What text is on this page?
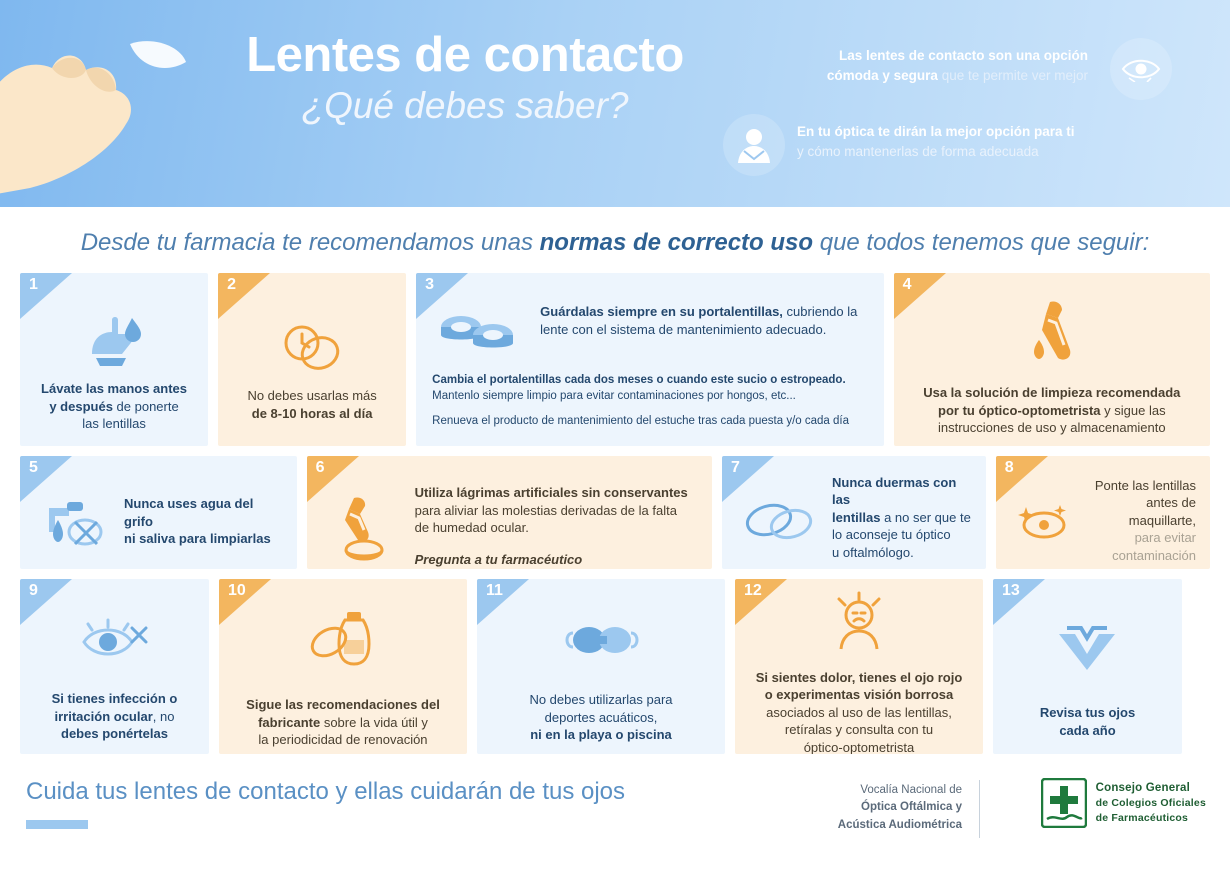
Lentes de contacto
¿Qué debes saber?
Las lentes de contacto son una opción
cómoda y segura que te permite ver mejor
En tu óptica te dirán la mejor opción para ti
y cómo mantenerlas de forma adecuada
Desde tu farmacia te recomendamos unas normas de correcto uso que todos tenemos que seguir:
1
Lávate las manos antes
y después de ponerte
las lentillas
2
No debes usarlas más
de 8-10 horas al día
3
Guárdalas siempre en su portalentillas, cubriendo la lente con el sistema de mantenimiento adecuado.
Cambia el portalentillas cada dos meses o cuando este sucio o estropeado.
Mantenlo siempre limpio para evitar contaminaciones por hongos, etc...
Renueva el producto de mantenimiento del estuche tras cada puesta y/o cada día
4
Usa la solución de limpieza recomendada
por tu óptico-optometrista y sigue las
instrucciones de uso y almacenamiento
5
Nunca uses agua del grifo
ni saliva para limpiarlas
6
Utiliza lágrimas artificiales sin conservantes
para aliviar las molestias derivadas de la falta
de humedad ocular.
Pregunta a tu farmacéutico
7
Nunca duermas con las
lentillas a no ser que te
lo aconseje tu óptico
u oftalmólogo.
8
Ponte las lentillas
antes de maquillarte,
para evitar
contaminación
9
Si tienes infección o
irritación ocular, no
debes ponértelas
10
Sigue las recomendaciones del
fabricante sobre la vida útil y
la periodicidad de renovación
11
No debes utilizarlas para
deportes acuáticos,
ni en la playa o piscina
12
Si sientes dolor, tienes el ojo rojo
o experimentas visión borrosa
asociados al uso de las lentillas,
retíralas y consulta con tu
óptico-optometrista
13
Revisa tus ojos
cada año
Cuida tus lentes de contacto y ellas cuidarán de tus ojos	Vocalía Nacional de
Óptica Oftálmica y
Acústica Audiométrica
Consejo General
de Colegios Oficiales
de Farmacéuticos
